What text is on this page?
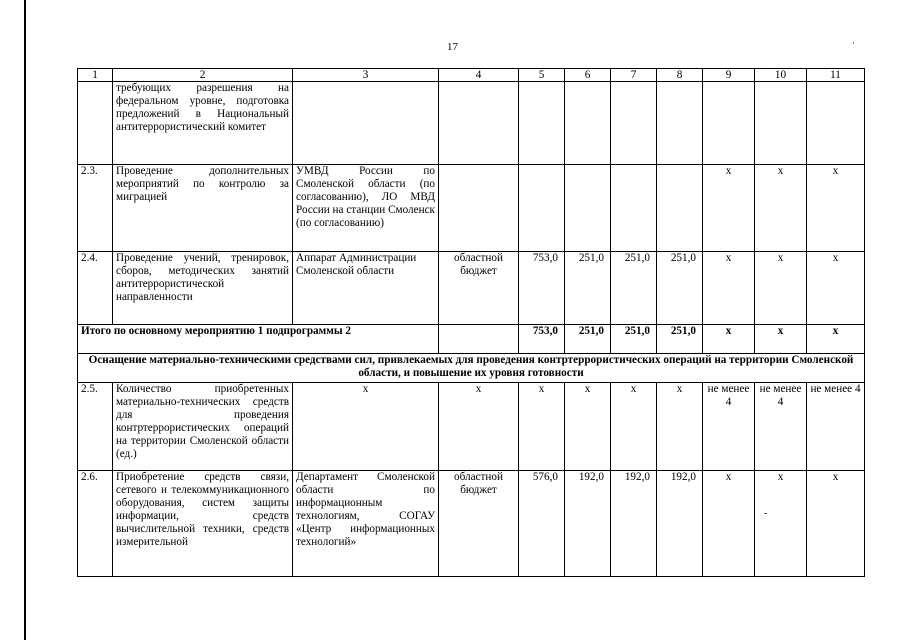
17	·
-
1	2	3	4	5	6	7	8	9	10	11
	требующих разрешения на федеральном уровне, подготовка предложений в Национальный антитеррористический комитет									
2.3.	Проведение дополнительных мероприятий по контролю за миграцией	УМВД России по Смоленской области (по согласованию), ЛО МВД России на станции Смоленск (по согласованию)						х	х	х
2.4.	Проведение учений, тренировок, сборов, методических занятий антитеррористической направленности	Аппарат Администрации Смоленской области	областной бюджет	753,0	251,0	251,0	251,0	х	х	х
Итого по основному мероприятию 1 подпрограммы 2				753,0	251,0	251,0	251,0	х	х	х
Оснащение материально-техническими средствами сил, привлекаемых для проведения контртеррористических операций на территории Смоленской области, и повышение их уровня готовности										
2.5.	Количество приобретенных материально-технических средств для проведения контртеррористических операций на территории Смоленской области (ед.)	х	х	х	х	х	х	не менее 4	не менее 4	не менее 4
2.6.	Приобретение средств связи, сетевого и телекоммуникационного оборудования, систем защиты информации, средств вычислительной техники, средств измерительной	Департамент Смоленской области по информационным технологиям, СОГАУ «Центр информационных технологий»	областной бюджет	576,0	192,0	192,0	192,0	х	х	х
